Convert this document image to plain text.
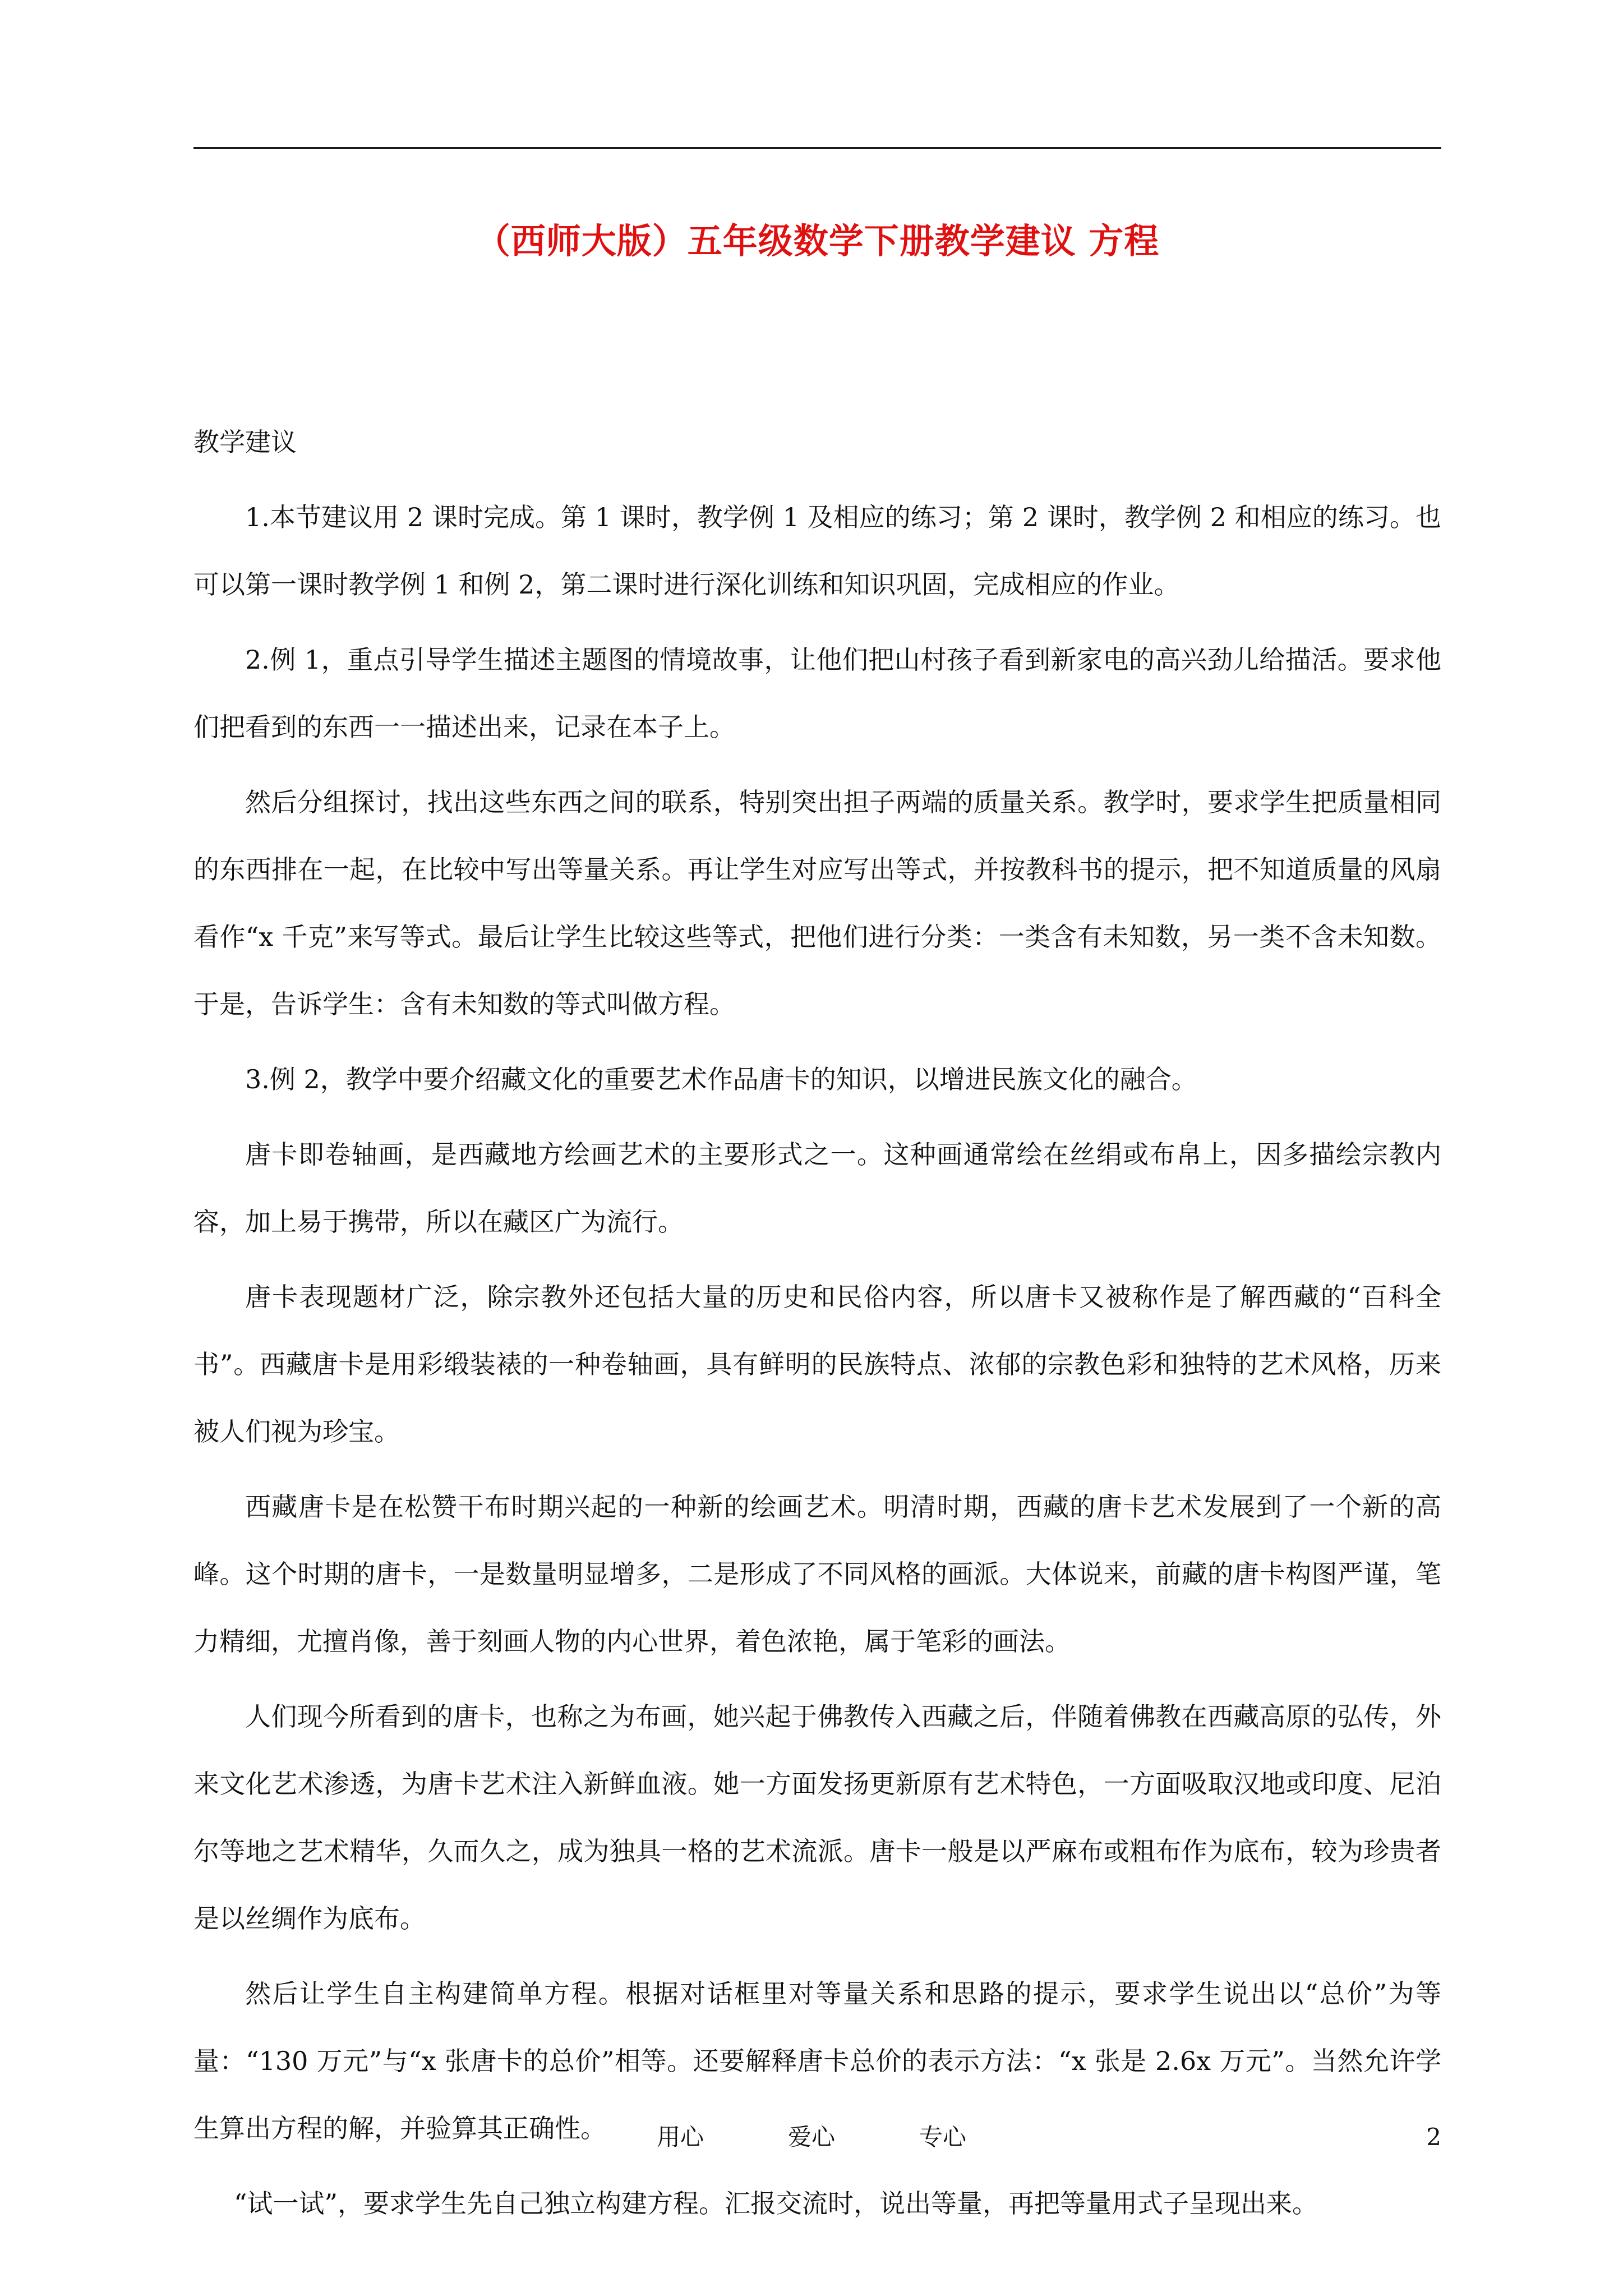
（西师大版）五年级数学下册教学建议 方程

教学建议

1.本节建议用 2 课时完成。第 1 课时，教学例 1 及相应的练习；第 2 课时，教学例 2 和相应的练习。也可以第一课时教学例 1 和例 2，第二课时进行深化训练和知识巩固，完成相应的作业。

2.例 1，重点引导学生描述主题图的情境故事，让他们把山村孩子看到新家电的高兴劲儿给描活。要求他们把看到的东西一一描述出来，记录在本子上。

然后分组探讨，找出这些东西之间的联系，特别突出担子两端的质量关系。教学时，要求学生把质量相同的东西排在一起，在比较中写出等量关系。再让学生对应写出等式，并按教科书的提示，把不知道质量的风扇看作“x 千克”来写等式。最后让学生比较这些等式，把他们进行分类：一类含有未知数，另一类不含未知数。于是，告诉学生：含有未知数的等式叫做方程。

3.例 2，教学中要介绍藏文化的重要艺术作品唐卡的知识，以增进民族文化的融合。

唐卡即卷轴画，是西藏地方绘画艺术的主要形式之一。这种画通常绘在丝绢或布帛上，因多描绘宗教内容，加上易于携带，所以在藏区广为流行。

唐卡表现题材广泛，除宗教外还包括大量的历史和民俗内容，所以唐卡又被称作是了解西藏的“百科全书”。西藏唐卡是用彩缎装裱的一种卷轴画，具有鲜明的民族特点、浓郁的宗教色彩和独特的艺术风格，历来被人们视为珍宝。

西藏唐卡是在松赞干布时期兴起的一种新的绘画艺术。明清时期，西藏的唐卡艺术发展到了一个新的高峰。这个时期的唐卡，一是数量明显增多，二是形成了不同风格的画派。大体说来，前藏的唐卡构图严谨，笔力精细，尤擅肖像，善于刻画人物的内心世界，着色浓艳，属于笔彩的画法。

人们现今所看到的唐卡，也称之为布画，她兴起于佛教传入西藏之后，伴随着佛教在西藏高原的弘传，外来文化艺术渗透，为唐卡艺术注入新鲜血液。她一方面发扬更新原有艺术特色，一方面吸取汉地或印度、尼泊尔等地之艺术精华，久而久之，成为独具一格的艺术流派。唐卡一般是以严麻布或粗布作为底布，较为珍贵者是以丝绸作为底布。

然后让学生自主构建简单方程。根据对话框里对等量关系和思路的提示，要求学生说出以“总价”为等量：“130 万元”与“x 张唐卡的总价”相等。还要解释唐卡总价的表示方法：“x 张是 2.6x 万元”。当然允许学生算出方程的解，并验算其正确性。

“试一试”，要求学生先自己独立构建方程。汇报交流时，说出等量，再把等量用式子呈现出来。

用心	爱心	专心	2
